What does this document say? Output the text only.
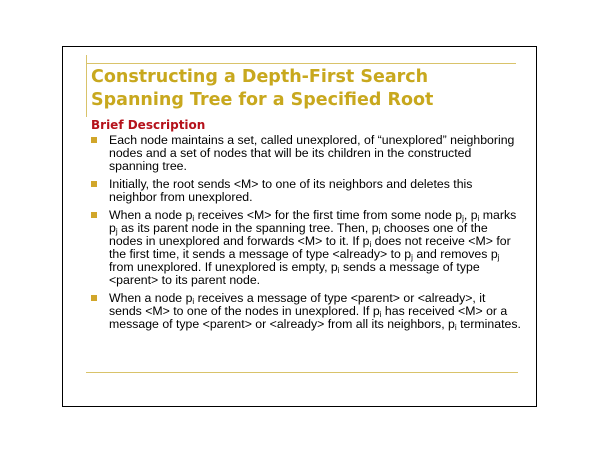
Constructing a Depth-First Search
Spanning Tree for a Specified Root
Brief Description
Each node maintains a set, called unexplored, of “unexplored” neighboring nodes and a set of nodes that will be its children in the constructed spanning tree.
Initially, the root sends <M> to one of its neighbors and deletes this neighbor from unexplored.
When a node $p_i$ receives <M> for the first time from some node $p_j$, $p_i$ marks $p_j$ as its parent node in the spanning tree. Then, $p_i$ chooses one of the nodes in unexplored and forwards <M> to it. If $p_i$ does not receive <M> for the first time, it sends a message of type <already> to $p_j$ and removes $p_j$ from unexplored. If unexplored is empty, $p_i$ sends a message of type <parent> to its parent node.
When a node $p_i$ receives a message of type <parent> or <already>, it sends <M> to one of the nodes in unexplored. If $p_i$ has received <M> or a message of type <parent> or <already> from all its neighbors, $p_i$ terminates.
